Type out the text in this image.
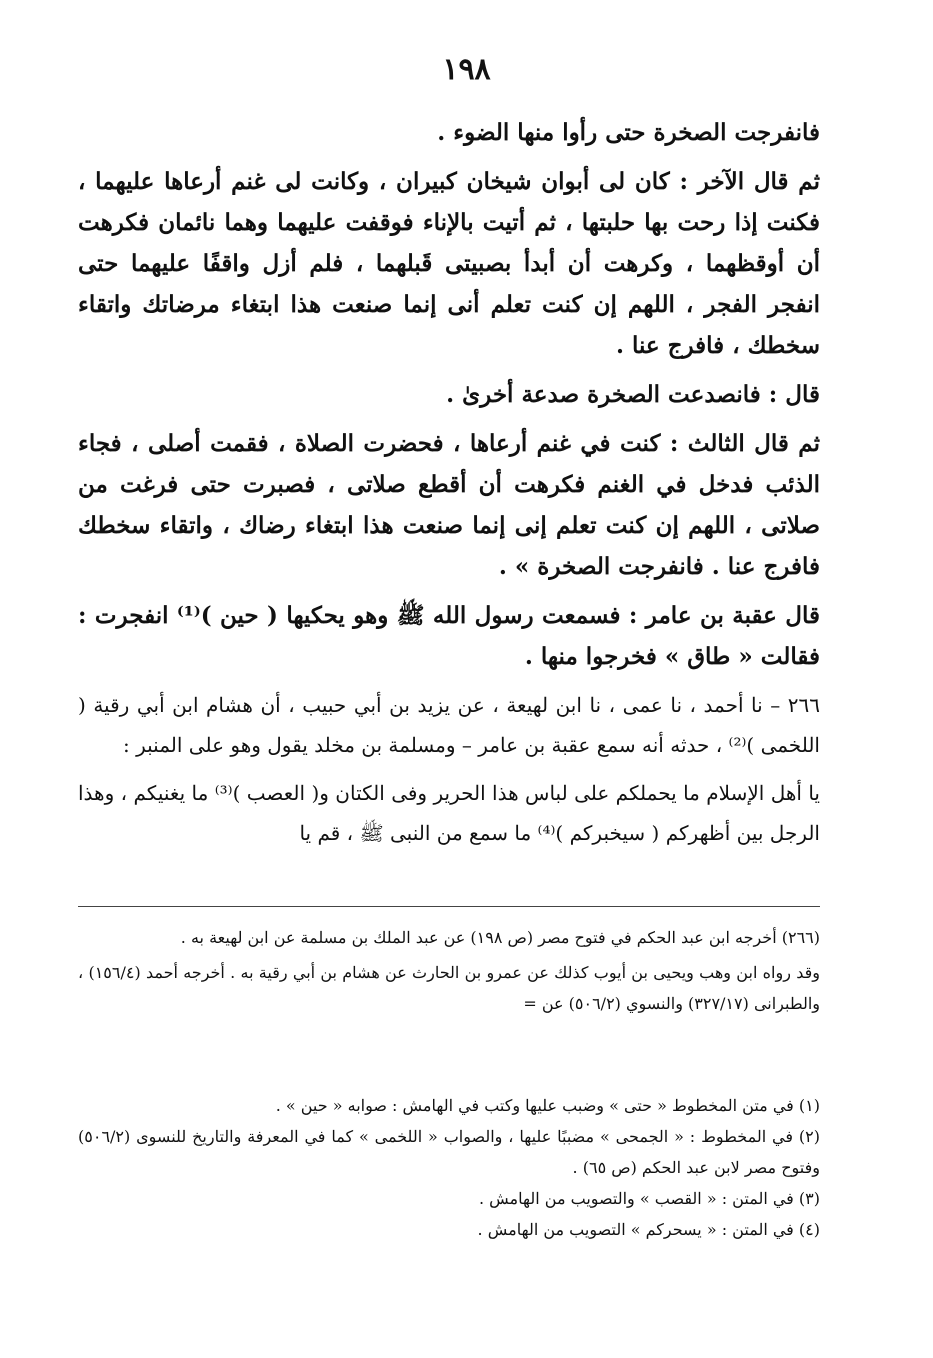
١٩٨

فانفرجت الصخرة حتى رأوا منها الضوء .

ثم قال الآخر : كان لى أبوان شيخان كبيران ، وكانت لى غنم أرعاها عليهما ، فكنت إذا رحت بها حلبتها ، ثم أتيت بالإناء فوقفت عليهما وهما نائمان فكرهت أن أوقظهما ، وكرهت أن أبدأ بصبيتى قَبلهما ، فلم أزل واقفًا عليهما حتى انفجر الفجر ، اللهم إن كنت تعلم أنى إنما صنعت هذا ابتغاء مرضاتك واتقاء سخطك ، فافرج عنا .

قال : فانصدعت الصخرة صدعة أخرىٰ .

ثم قال الثالث : كنت في غنم أرعاها ، فحضرت الصلاة ، فقمت أصلى ، فجاء الذئب فدخل في الغنم فكرهت أن أقطع صلاتى ، فصبرت حتى فرغت من صلاتى ، اللهم إن كنت تعلم إنى إنما صنعت هذا ابتغاء رضاك ، واتقاء سخطك فافرج عنا . فانفرجت الصخرة » .

قال عقبة بن عامر : فسمعت رسول الله ﷺ وهو يحكيها ( حين )⁽¹⁾ انفجرت : فقالت « طاق » فخرجوا منها .

٢٦٦ – نا أحمد ، نا عمى ، نا ابن لهيعة ، عن يزيد بن أبي حبيب ، أن هشام ابن أبي رقية ( اللخمى )⁽²⁾ ، حدثه أنه سمع عقبة بن عامر – ومسلمة بن مخلد يقول وهو على المنبر :

يا أهل الإسلام ما يحملكم على لباس هذا الحرير وفى الكتان و( العصب )⁽³⁾ ما يغنيكم ، وهذا الرجل بين أظهركم ( سيخبركم )⁽⁴⁾ ما سمع من النبى ﷺ ، قم يا

(٢٦٦) أخرجه ابن عبد الحكم في فتوح مصر (ص ١٩٨) عن عبد الملك بن مسلمة عن ابن لهيعة به .

وقد رواه ابن وهب ويحيى بن أيوب كذلك عن عمرو بن الحارث عن هشام بن أبي رقية به . أخرجه أحمد (١٥٦/٤) ، والطبرانى (٣٢٧/١٧) والنسوي (٥٠٦/٢) عن =

(١) في متن المخطوط « حتى » وضبب عليها وكتب في الهامش : صوابه « حين » .

(٢) في المخطوط : « الجمحى » مضببًا عليها ، والصواب « اللخمى » كما في المعرفة والتاريخ للنسوى (٥٠٦/٢) وفتوح مصر لابن عبد الحكم (ص ٦٥) .

(٣) في المتن : « القصب » والتصويب من الهامش .

(٤) في المتن : « يسحركم » التصويب من الهامش .
